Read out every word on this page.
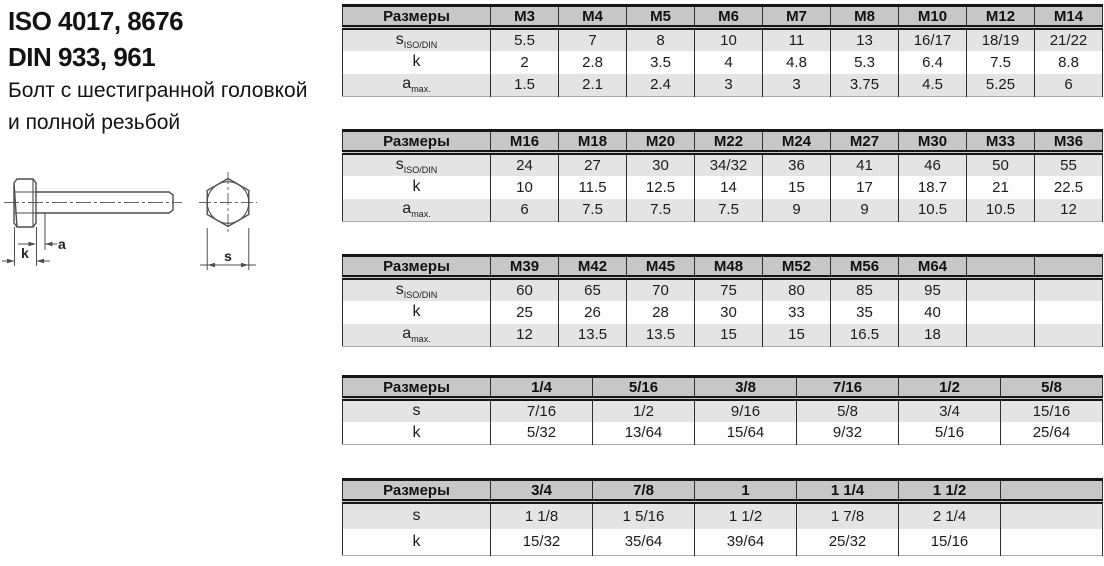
ISO 4017, 8676
DIN 933, 961
Болт с шестигранной головкой
и полной резьбой
a
k	s
Размеры	M3	M4	M5	M6	M7	M8	M10	M12	M14
$s_{ISO/DIN}$	5.5	7	8	10	11	13	16/17	18/19	21/22
k	2	2.8	3.5	4	4.8	5.3	6.4	7.5	8.8
$a_{max.}$	1.5	2.1	2.4	3	3	3.75	4.5	5.25	6
Размеры	M16	M18	M20	M22	M24	M27	M30	M33	M36
$s_{ISO/DIN}$	24	27	30	34/32	36	41	46	50	55
k	10	11.5	12.5	14	15	17	18.7	21	22.5
$a_{max.}$	6	7.5	7.5	7.5	9	9	10.5	10.5	12
Размеры	M39	M42	M45	M48	M52	M56	M64		
$s_{ISO/DIN}$	60	65	70	75	80	85	95		
k	25	26	28	30	33	35	40		
$a_{max.}$	12	13.5	13.5	15	15	16.5	18		
Размеры	1/4	5/16	3/8	7/16	1/2	5/8
s	7/16	1/2	9/16	5/8	3/4	15/16
k	5/32	13/64	15/64	9/32	5/16	25/64
Размеры	3/4	7/8	1	1 1/4	1 1/2	
s	1 1/8	1 5/16	1 1/2	1 7/8	2 1/4	
k	15/32	35/64	39/64	25/32	15/16	
